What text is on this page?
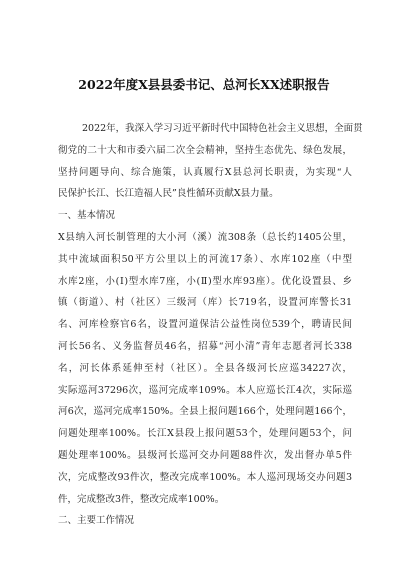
2022年度X县县委书记、总河长XX述职报告
2022年，我深入学习习近平新时代中国特色社会主义思想，全面贯
彻党的二十大和市委六届二次全会精神，坚持生态优先、绿色发展，
坚持问题导向、综合施策，认真履行X县总河长职责，为实现“人
民保护长江、长江造福人民”良性循环贡献X县力量。
一、基本情况
X县纳入河长制管理的大小河（溪）流308条（总长约1405公里，
其中流域面积50平方公里以上的河流17条）、水库102座（中型
水库2座，小(Ⅰ)型水库7座，小(Ⅱ)型水库93座）。优化设置县、乡
镇（街道）、村（社区）三级河（库）长719名，设置河库警长31
名、河库检察官6名，设置河道保洁公益性岗位539个，聘请民间
河长56名、义务监督员46名，招募“河小清”青年志愿者河长338
名，河长体系延伸至村（社区）。全县各级河长应巡34227次，
实际巡河37296次，巡河完成率109%。本人应巡长江4次，实际巡
河6次，巡河完成率150%。全县上报问题166个，处理问题166个，
问题处理率100%。长江X县段上报问题53个，处理问题53个，问
题处理率100%。县级河长巡河交办问题88件次，发出督办单5件
次，完成整改93件次，整改完成率100%。本人巡河现场交办问题3
件，完成整改3件，整改完成率100%。
二、主要工作情况
